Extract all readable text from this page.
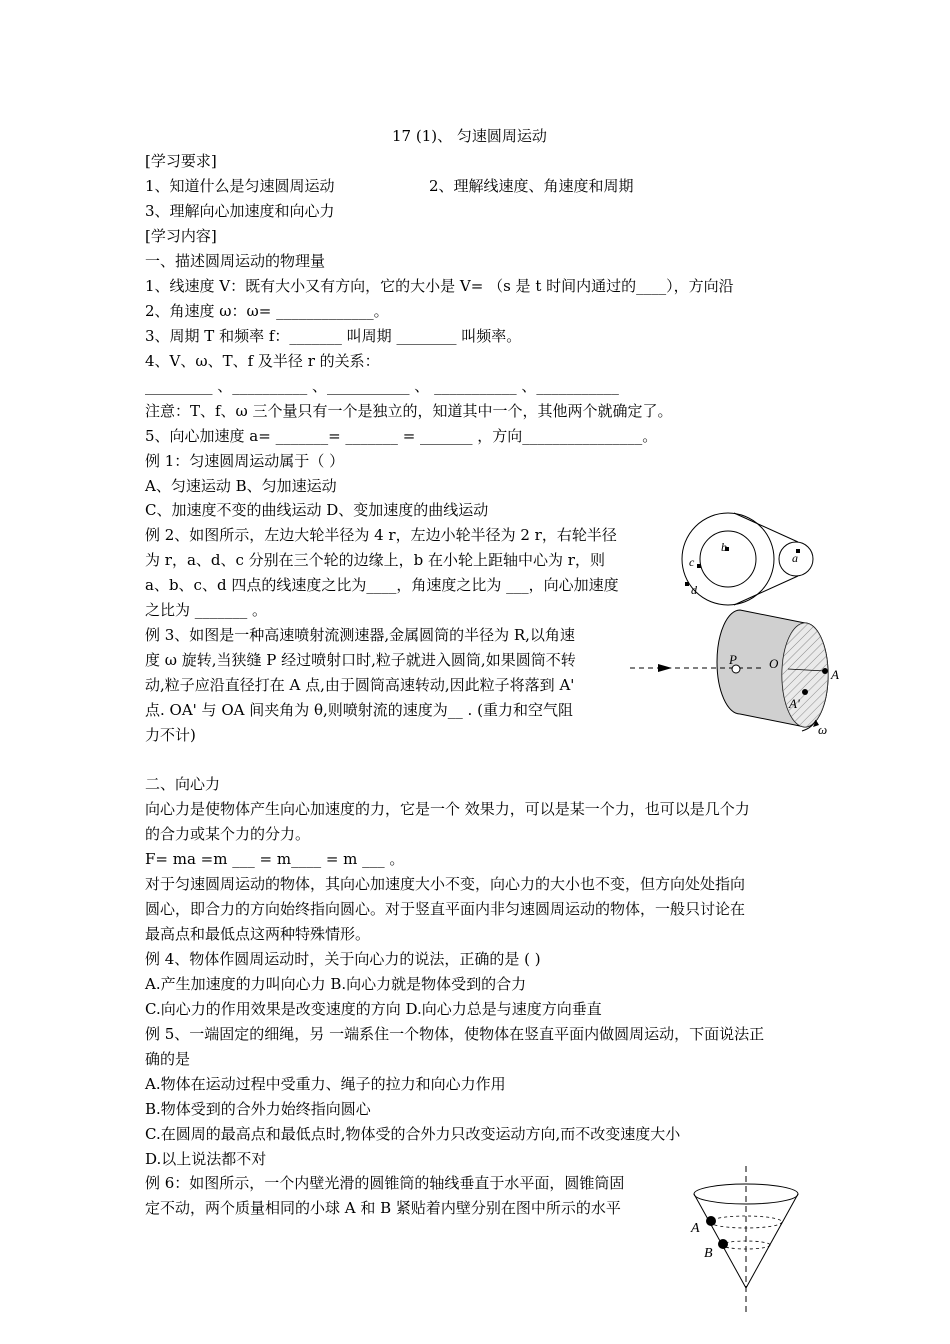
17 (1)、 匀速圆周运动
[学习要求]
1、知道什么是匀速圆周运动	2、理解线速度、角速度和周期
3、理解向心加速度和向心力
[学习内容]
一、描述圆周运动的物理量
1、线速度 V：既有大小又有方向，它的大小是 V= （s 是 t 时间内通过的____），方向沿
2、角速度 ω：ω= _____________。
3、周期 T 和频率 f：_______ 叫周期 ________ 叫频率。
4、V、ω、T、f 及半径 r 的关系：
_________ 、__________ 、___________ 、 ___________ 、___________
注意：T、f、ω 三个量只有一个是独立的，知道其中一个，其他两个就确定了。
5、向心加速度 a= _______= _______ = _______ ，方向________________。
例 1：匀速圆周运动属于（ ）
A、匀速运动 B、匀加速运动
C、加速度不变的曲线运动 D、变加速度的曲线运动
例 2、如图所示，左边大轮半径为 4 r，左边小轮半径为 2 r，右轮半径
为 r，a、d、c 分别在三个轮的边缘上，b 在小轮上距轴中心为 r，则
a、b、c、d 四点的线速度之比为____，角速度之比为 ___，向心加速度
之比为 _______ 。
例 3、如图是一种高速喷射流测速器,金属圆筒的半径为 R,以角速
度 ω 旋转,当狭缝 P 经过喷射口时,粒子就进入圆筒,如果圆筒不转
动,粒子应沿直径打在 A 点,由于圆筒高速转动,因此粒子将落到 A'
点. OA' 与 OA 间夹角为 θ,则喷射流的速度为__ . (重力和空气阻
力不计)
二、向心力
向心力是使物体产生向心加速度的力，它是一个 效果力，可以是某一个力，也可以是几个力
的合力或某个力的分力。
F= ma =m ___ = m____ = m ___ 。
对于匀速圆周运动的物体，其向心加速度大小不变，向心力的大小也不变，但方向处处指向
圆心，即合力的方向始终指向圆心。对于竖直平面内非匀速圆周运动的物体，一般只讨论在
最高点和最低点这两种特殊情形。
例 4、物体作圆周运动时，关于向心力的说法，正确的是 ( )
A.产生加速度的力叫向心力 B.向心力就是物体受到的合力
C.向心力的作用效果是改变速度的方向 D.向心力总是与速度方向垂直
例 5、一端固定的细绳，另 一端系住一个物体，使物体在竖直平面内做圆周运动，下面说法正
确的是
A.物体在运动过程中受重力、绳子的拉力和向心力作用
B.物体受到的合外力始终指向圆心
C.在圆周的最高点和最低点时,物体受的合外力只改变运动方向,而不改变速度大小
D.以上说法都不对
例 6：如图所示，一个内壁光滑的圆锥筒的轴线垂直于水平面，圆锥筒固
定不动，两个质量相同的小球 A 和 B 紧贴着内壁分别在图中所示的水平
b
c
d
a
P O
A
A'
ω
A
B
